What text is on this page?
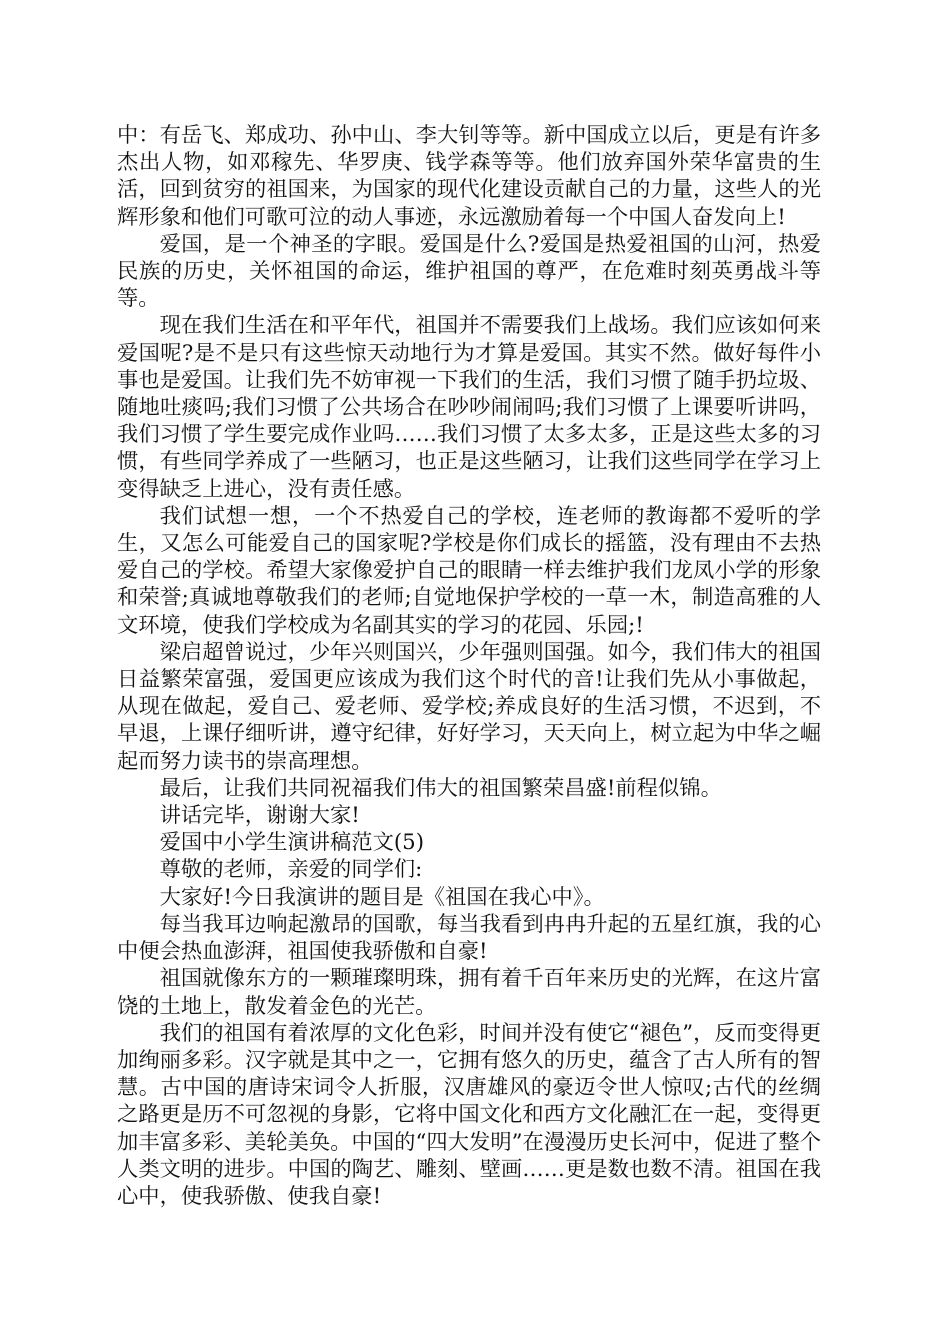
中：有岳飞、郑成功、孙中山、李大钊等等。新中国成立以后，更是有许多杰出人物，如邓稼先、华罗庚、钱学森等等。他们放弃国外荣华富贵的生活，回到贫穷的祖国来，为国家的现代化建设贡献自己的力量，这些人的光辉形象和他们可歌可泣的动人事迹，永远激励着每一个中国人奋发向上!

爱国，是一个神圣的字眼。爱国是什么?爱国是热爱祖国的山河，热爱民族的历史，关怀祖国的命运，维护祖国的尊严，在危难时刻英勇战斗等等。

现在我们生活在和平年代，祖国并不需要我们上战场。我们应该如何来爱国呢?是不是只有这些惊天动地行为才算是爱国。其实不然。做好每件小事也是爱国。让我们先不妨审视一下我们的生活，我们习惯了随手扔垃圾、随地吐痰吗;我们习惯了公共场合在吵吵闹闹吗;我们习惯了上课要听讲吗，我们习惯了学生要完成作业吗……我们习惯了太多太多，正是这些太多的习惯，有些同学养成了一些陋习，也正是这些陋习，让我们这些同学在学习上变得缺乏上进心，没有责任感。

我们试想一想，一个不热爱自己的学校，连老师的教诲都不爱听的学生，又怎么可能爱自己的国家呢?学校是你们成长的摇篮，没有理由不去热爱自己的学校。希望大家像爱护自己的眼睛一样去维护我们龙凤小学的形象和荣誉;真诚地尊敬我们的老师;自觉地保护学校的一草一木，制造高雅的人文环境，使我们学校成为名副其实的学习的花园、乐园;!

梁启超曾说过，少年兴则国兴，少年强则国强。如今，我们伟大的祖国日益繁荣富强，爱国更应该成为我们这个时代的音!让我们先从小事做起，从现在做起，爱自己、爱老师、爱学校;养成良好的生活习惯，不迟到，不早退，上课仔细听讲，遵守纪律，好好学习，天天向上，树立起为中华之崛起而努力读书的崇高理想。

最后，让我们共同祝福我们伟大的祖国繁荣昌盛!前程似锦。

讲话完毕，谢谢大家!

爱国中小学生演讲稿范文(5)

尊敬的老师，亲爱的同学们:

大家好!今日我演讲的题目是《祖国在我心中》。

每当我耳边响起激昂的国歌，每当我看到冉冉升起的五星红旗，我的心中便会热血澎湃，祖国使我骄傲和自豪!

祖国就像东方的一颗璀璨明珠，拥有着千百年来历史的光辉，在这片富饶的土地上，散发着金色的光芒。

我们的祖国有着浓厚的文化色彩，时间并没有使它“褪色”，反而变得更加绚丽多彩。汉字就是其中之一，它拥有悠久的历史，蕴含了古人所有的智慧。古中国的唐诗宋词令人折服，汉唐雄风的豪迈令世人惊叹;古代的丝绸之路更是历不可忽视的身影，它将中国文化和西方文化融汇在一起，变得更加丰富多彩、美轮美奂。中国的“四大发明”在漫漫历史长河中，促进了整个人类文明的进步。中国的陶艺、雕刻、壁画……更是数也数不清。祖国在我心中，使我骄傲、使我自豪!
